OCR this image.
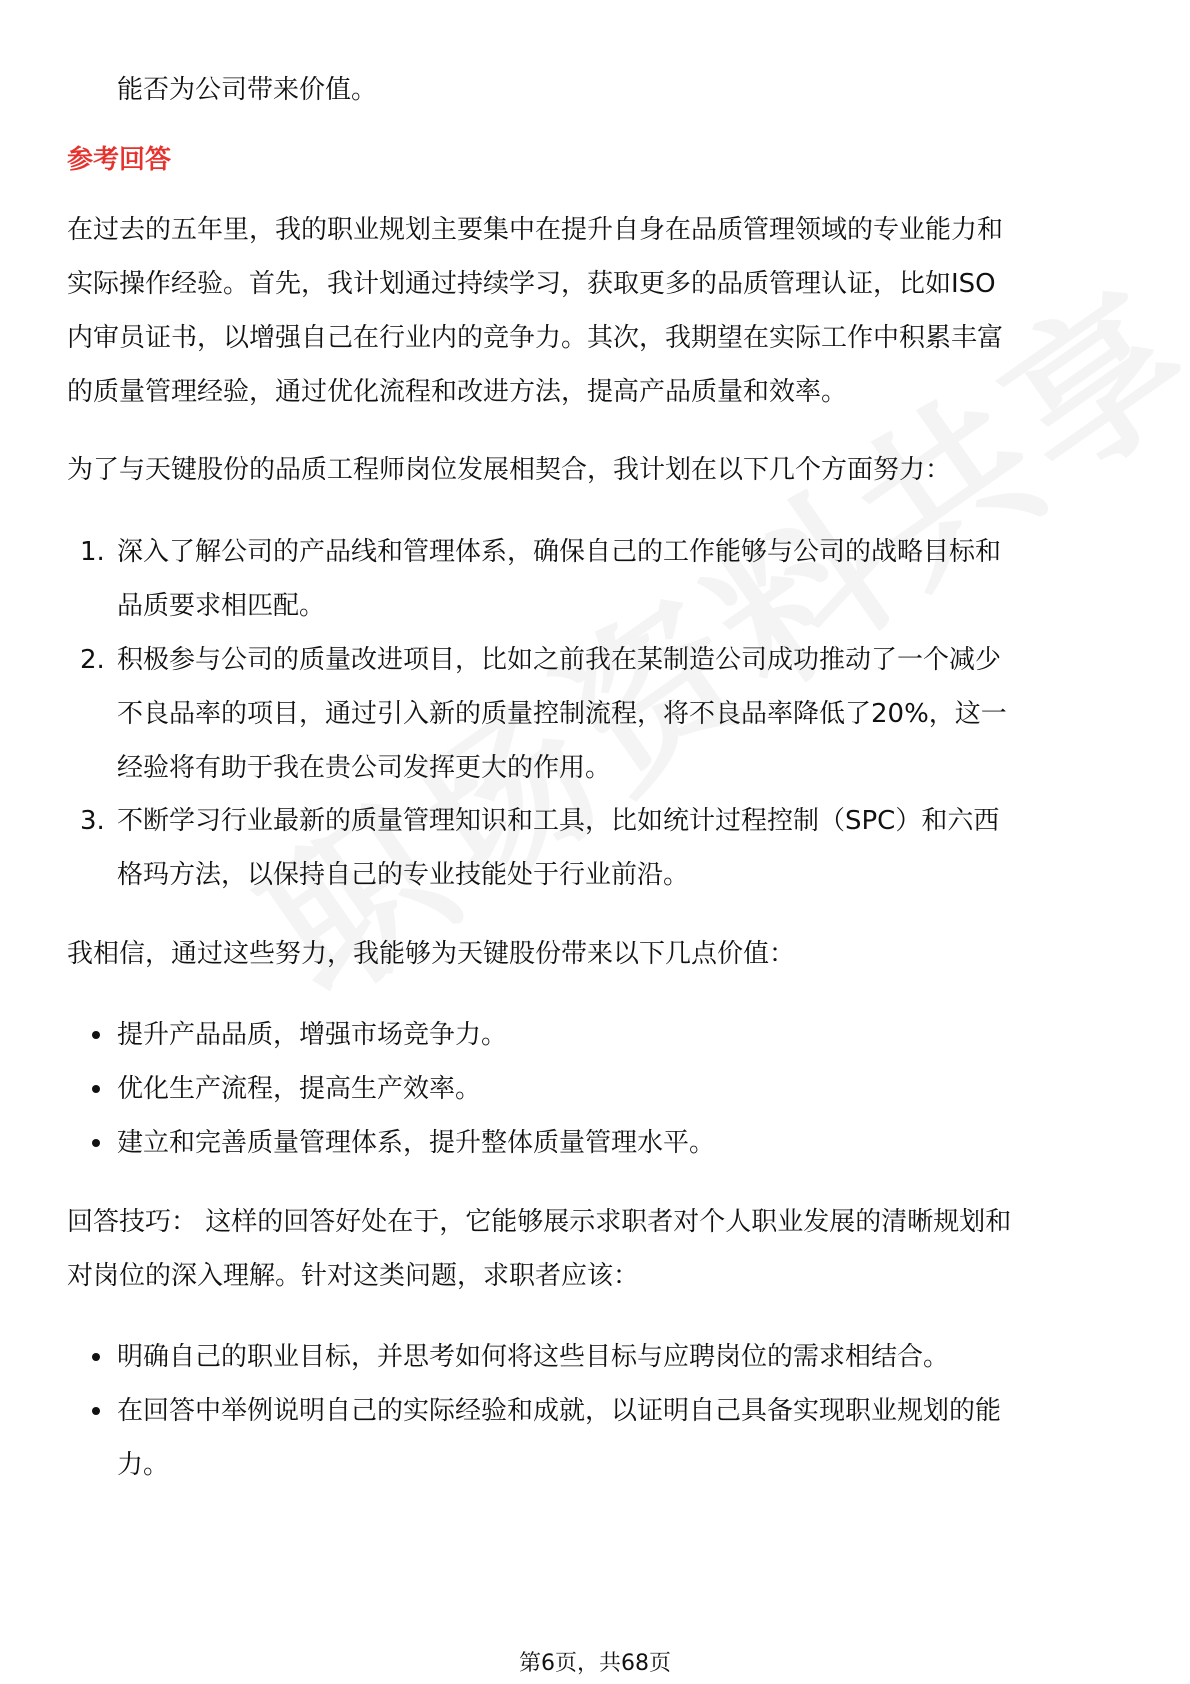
能否为公司带来价值。
参考回答
在过去的五年里，我的职业规划主要集中在提升自身在品质管理领域的专业能力和
实际操作经验。首先，我计划通过持续学习，获取更多的品质管理认证，比如ISO
内审员证书，以增强自己在行业内的竞争力。其次，我期望在实际工作中积累丰富
的质量管理经验，通过优化流程和改进方法，提高产品质量和效率。
为了与天键股份的品质工程师岗位发展相契合，我计划在以下几个方面努力：
1. 深入了解公司的产品线和管理体系，确保自己的工作能够与公司的战略目标和
品质要求相匹配。
2. 积极参与公司的质量改进项目，比如之前我在某制造公司成功推动了一个减少
不良品率的项目，通过引入新的质量控制流程，将不良品率降低了20%，这一
经验将有助于我在贵公司发挥更大的作用。
3. 不断学习行业最新的质量管理知识和工具，比如统计过程控制（SPC）和六西
格玛方法，以保持自己的专业技能处于行业前沿。
我相信，通过这些努力，我能够为天键股份带来以下几点价值：
提升产品品质，增强市场竞争力。
优化生产流程，提高生产效率。
建立和完善质量管理体系，提升整体质量管理水平。
回答技巧： 这样的回答好处在于，它能够展示求职者对个人职业发展的清晰规划和
对岗位的深入理解。针对这类问题，求职者应该：
明确自己的职业目标，并思考如何将这些目标与应聘岗位的需求相结合。
在回答中举例说明自己的实际经验和成就，以证明自己具备实现职业规划的能
力。
第6页，共68页
